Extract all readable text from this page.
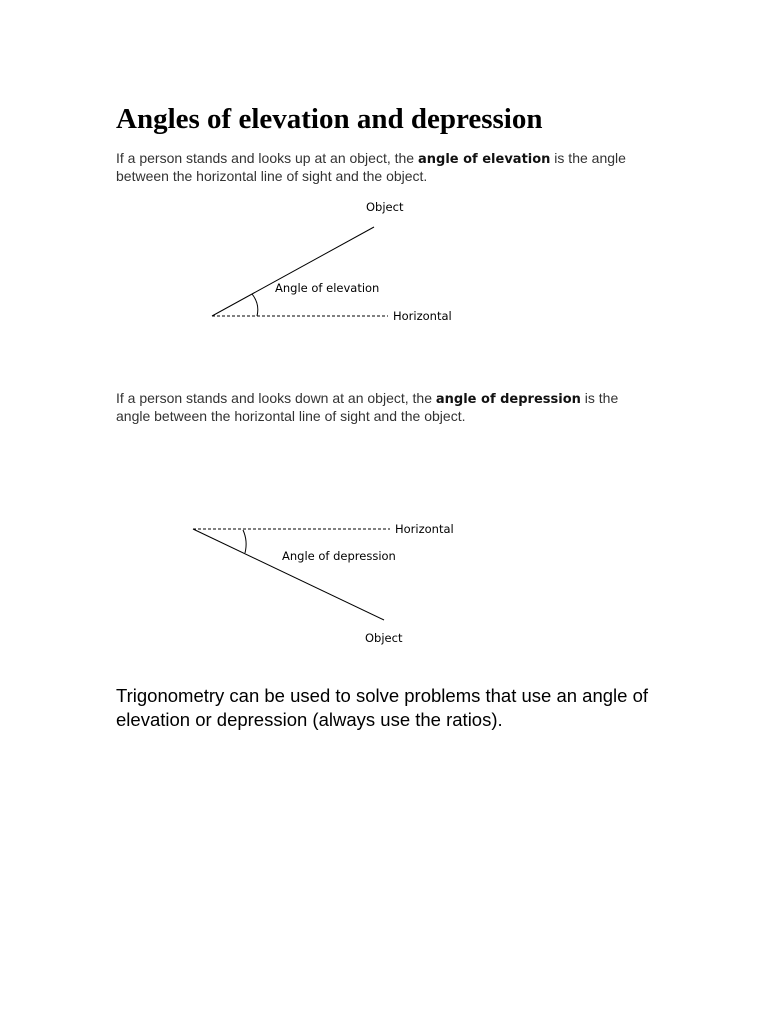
Angles of elevation and depression

If a person stands and looks up at an object, the angle of elevation is the angle between the horizontal line of sight and the object.

Object
Angle of elevation
Horizontal

If a person stands and looks down at an object, the angle of depression is the angle between the horizontal line of sight and the object.

Horizontal
Angle of depression
Object

Trigonometry can be used to solve problems that use an angle of elevation or depression (always use the ratios).
